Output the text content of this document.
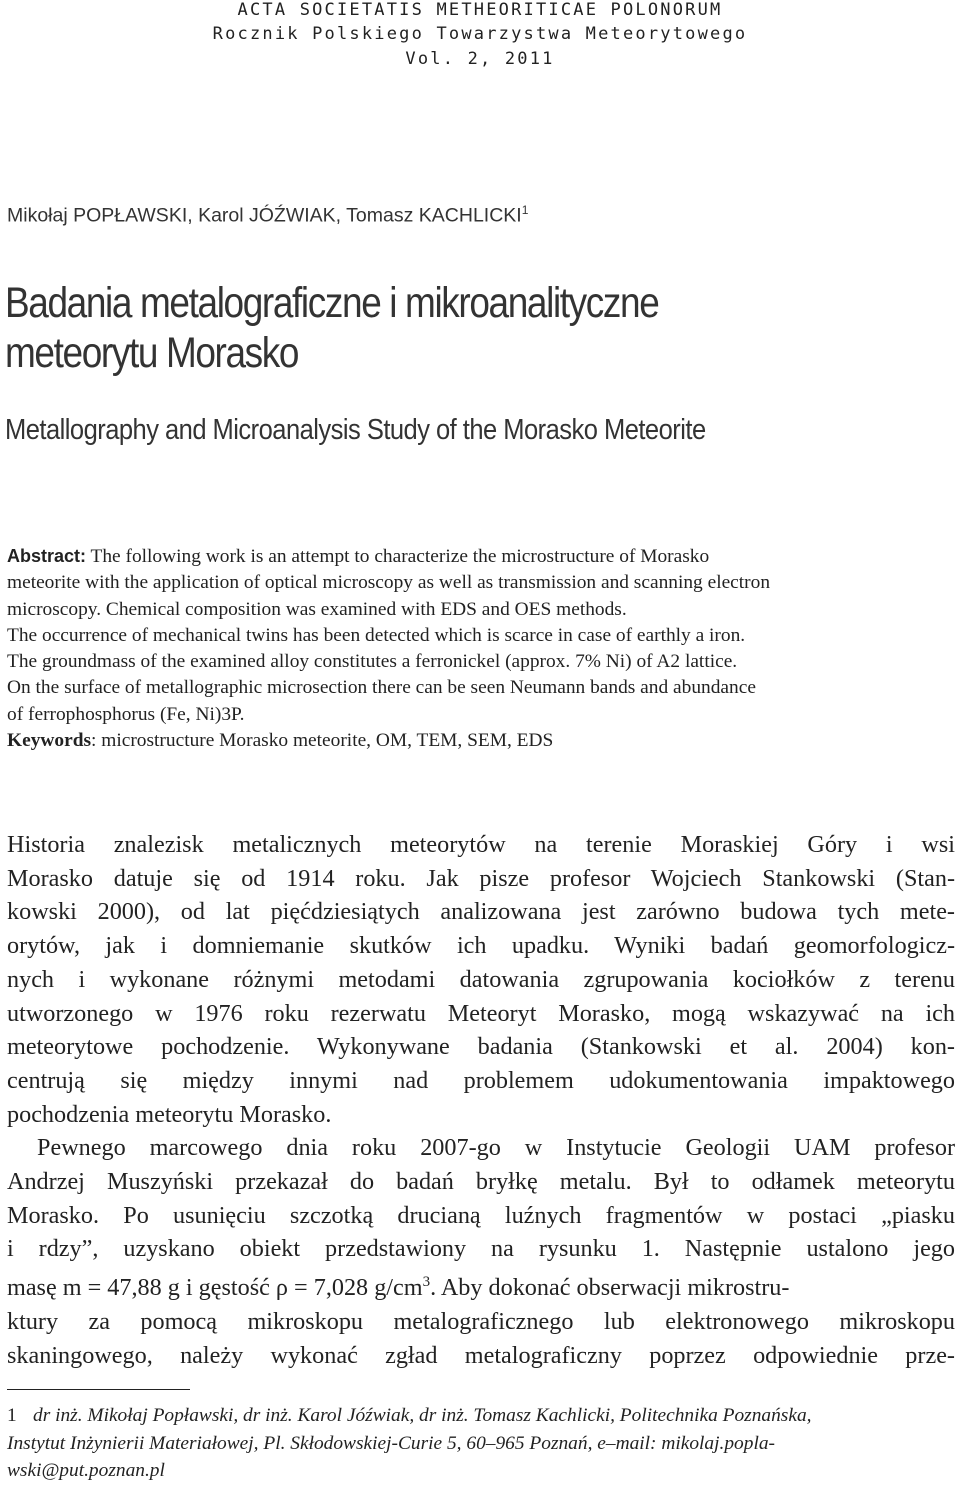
ACTA SOCIETATIS METHEORITICAE POLONORUM
Rocznik Polskiego Towarzystwa Meteorytowego
Vol. 2, 2011
Mikołaj POPŁAWSKI, Karol JÓŹWIAK, Tomasz KACHLICKI$^1$
Badania metalograficzne i mikroanalityczne
meteorytu Morasko
Metallography and Microanalysis Study of the Morasko Meteorite
Abstract: The following work is an attempt to characterize the microstructure of Morasko
meteorite with the application of optical microscopy as well as transmission and scanning electron
microscopy. Chemical composition was examined with EDS and OES methods.
The occurrence of mechanical twins has been detected which is scarce in case of earthly a iron.
The groundmass of the examined alloy constitutes a ferronickel (approx. 7% Ni) of A2 lattice.
On the surface of metallographic microsection there can be seen Neumann bands and abundance
of ferrophosphorus (Fe, Ni)3P.
Keywords: microstructure Morasko meteorite, OM, TEM, SEM, EDS
Historia znalezisk metalicznych meteorytów na terenie Moraskiej Góry i wsi
Morasko datuje się od 1914 roku. Jak pisze profesor Wojciech Stankowski (Stan-
kowski 2000), od lat pięćdziesiątych analizowana jest zarówno budowa tych mete-
orytów, jak i domniemanie skutków ich upadku. Wyniki badań geomorfologicz-
nych i wykonane różnymi metodami datowania zgrupowania kociołków z terenu
utworzonego w 1976 roku rezerwatu Meteoryt Morasko, mogą wskazywać na ich
meteorytowe pochodzenie. Wykonywane badania (Stankowski et al. 2004) kon-
centrują się między innymi nad problemem udokumentowania impaktowego
pochodzenia meteorytu Morasko.
Pewnego marcowego dnia roku 2007-go w Instytucie Geologii UAM profesor
Andrzej Muszyński przekazał do badań bryłkę metalu. Był to odłamek meteorytu
Morasko. Po usunięciu szczotką drucianą luźnych fragmentów w postaci „piasku
i rdzy”, uzyskano obiekt przedstawiony na rysunku 1. Następnie ustalono jego
masę m = 47,88 g i gęstość ρ = 7,028 $g/cm^3$. Aby dokonać obserwacji mikrostru-
ktury za pomocą mikroskopu metalograficznego lub elektronowego mikroskopu
skaningowego, należy wykonać zgład metalograficzny poprzez odpowiednie prze-
1 dr inż. Mikołaj Popławski, dr inż. Karol Jóźwiak, dr inż. Tomasz Kachlicki, Politechnika Poznańska,
Instytut Inżynierii Materiałowej, Pl. Skłodowskiej-Curie 5, 60–965 Poznań, e–mail: mikolaj.popla-
wski@put.poznan.pl
